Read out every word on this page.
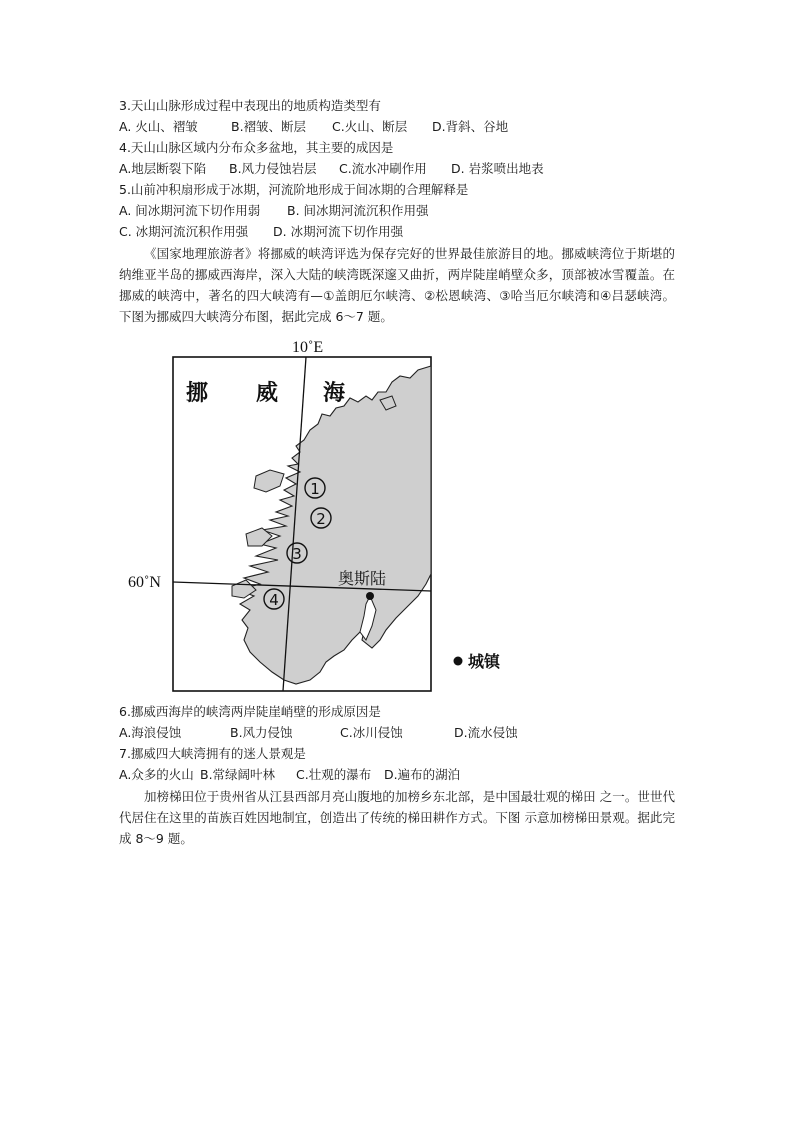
3.天山山脉形成过程中表现出的地质构造类型有
A. 火山、褶皱	B.褶皱、断层 C.火山、断层 D.背斜、谷地
4.天山山脉区域内分布众多盆地，其主要的成因是
A.地层断裂下陷 B.风力侵蚀岩层 C.流水冲刷作用 D. 岩浆喷出地表
5.山前冲积扇形成于冰期，河流阶地形成于间冰期的合理解释是
A. 间冰期河流下切作用弱 B. 间冰期河流沉积作用强
C. 冰期河流沉积作用强 D. 冰期河流下切作用强
《国家地理旅游者》将挪威的峡湾评选为保存完好的世界最佳旅游目的地。挪威峡湾位于斯堪的纳维亚半岛的挪威西海岸，深入大陆的峡湾既深邃又曲折，两岸陡崖峭壁众多，顶部被冰雪覆盖。在挪威的峡湾中，著名的四大峡湾有—①盖朗厄尔峡湾、②松恩峡湾、③哈当厄尔峡湾和④吕瑟峡湾。下图为挪威四大峡湾分布图，据此完成 6～7 题。
10˚E
60˚N
挪 威 海
1
2
3
4
奥斯陆
城镇
6.挪威西海岸的峡湾两岸陡崖峭壁的形成原因是
A.海浪侵蚀	B.风力侵蚀	C.冰川侵蚀	D.流水侵蚀
7.挪威四大峡湾拥有的迷人景观是
A.众多的火山 B.常绿阔叶林 C.壮观的瀑布 D.遍布的湖泊
加榜梯田位于贵州省从江县西部月亮山腹地的加榜乡东北部，是中国最壮观的梯田 之一。世世代代居住在这里的苗族百姓因地制宜，创造出了传统的梯田耕作方式。下图 示意加榜梯田景观。据此完成 8～9 题。
